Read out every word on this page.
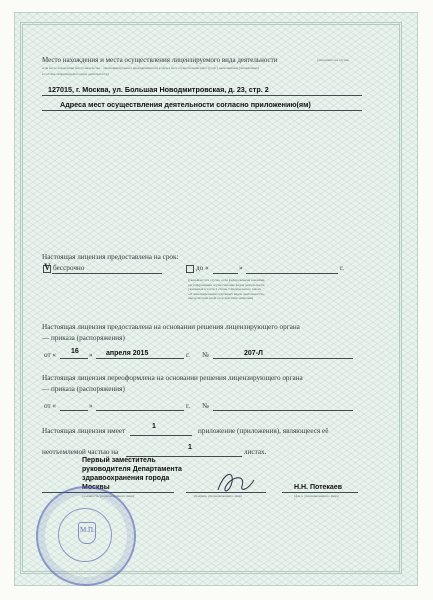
Место нахождения и места осуществления лицензируемого вида деятельности	(заполняется в случае,
если место нахождения (места жительства – для индивидуального предпринимателя) и адреса мест осуществления работ (услуг), выполняемых (оказываемых)
в составе лицензируемого вида деятельности)
127015, г. Москва, ул. Большая Новодмитровская, д. 23, стр. 2
Адреса мест осуществления деятельности согласно приложению(ям)
Настоящая лицензия предоставлена на срок:
V бессрочно	до «	»	г.
(указывается в случае, если федеральными законами,
регулирующими осуществление видов деятельности,
указанных в части 4 статьи 1 Федерального закона
«О лицензировании отдельных видов деятельности»,
предусмотрен иной срок действия лицензии)
Настоящая лицензия предоставлена на основании решения лицензирующего органа
— приказа (распоряжения)
от « 16 » апреля 2015	г. №	207-Л
Настоящая лицензия переоформлена на основании решения лицензирующего органа
— приказа (распоряжения)
от «	»	г. №
Настоящая лицензия имеет
1
приложение (приложения), являющееся её
неотъемлемой частью на
1
листах.
Первый заместитель
руководителя Департамента
здравоохранения города
Москвы
(должность уполномоченного лица)	(подпись уполномоченного лица)
Н.Н. Потекаев
(ф.и.о. уполномоченного лица)
М.П.
